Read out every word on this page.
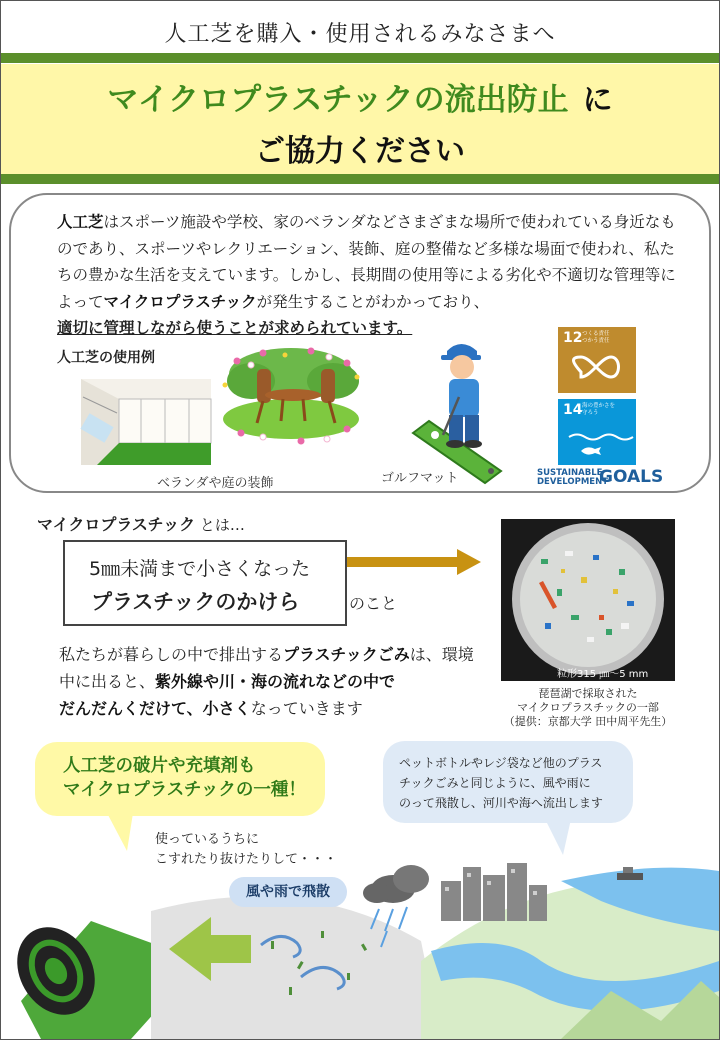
人工芝を購入・使用されるみなさまへ
マイクロプラスチックの流出防止 に
ご協力ください
人工芝はスポーツ施設や学校、家のベランダなどさまざまな場所で使われている身近なものであり、スポーツやレクリエーション、装飾、庭の整備など多様な場面で使われ、私たちの豊かな生活を支えています。しかし、長期間の使用等による劣化や不適切な管理等によってマイクロプラスチックが発生することがわかっており、
適切に管理しながら使うことが求められています。
人工芝の使用例
ベランダや庭の装飾	ゴルフマット
12 つくる責任
つかう責任
14 海の豊かさを
守ろう
SUSTAINABLE
DEVELOPMENT
GOALS
マイクロプラスチック とは…
5㎜未満まで小さくなった
プラスチックのかけら	のこと
私たちが暮らしの中で排出するプラスチックごみは、環境中に出ると、紫外線や川・海の流れなどの中で
だんだんくだけて、小さくなっていきます
粒形315 ㎛～5 mm
琵琶湖で採取された
マイクロプラスチックの一部
（提供：京都大学 田中周平先生）
人工芝の破片や充填剤も
マイクロプラスチックの一種！
ペットボトルやレジ袋など他のプラス
チックごみと同じように、風や雨に
のって飛散し、河川や海へ流出します
使っているうちに
こすれたり抜けたりして・・・
風や雨で飛散
